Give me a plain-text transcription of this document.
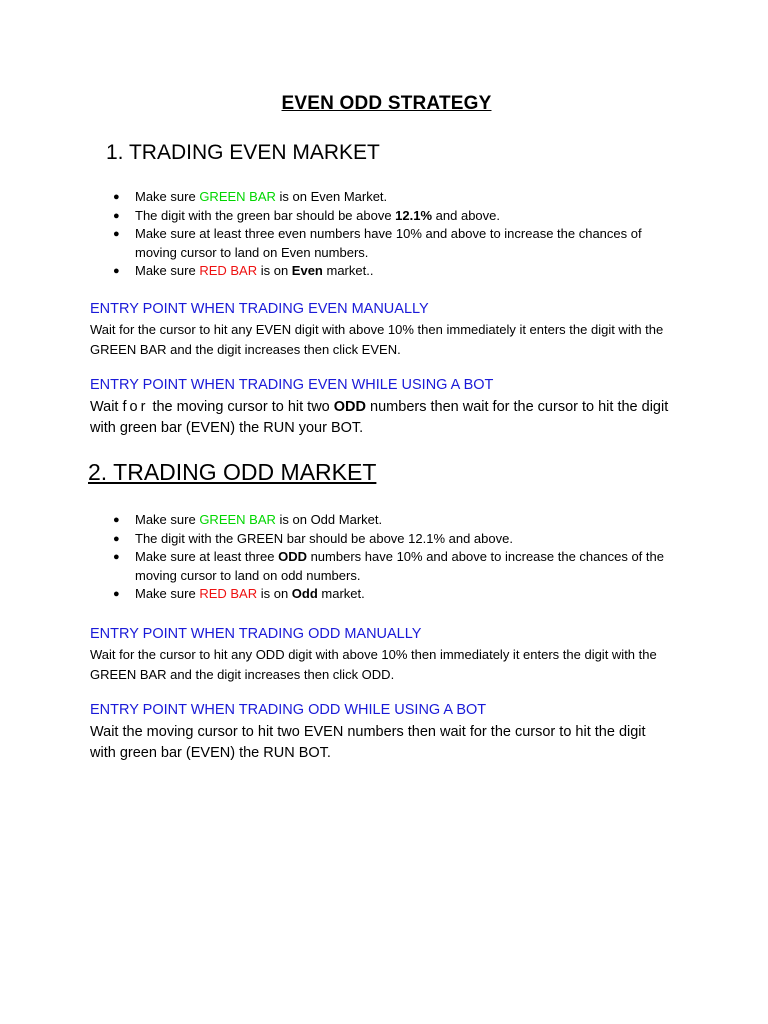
EVEN ODD STRATEGY
1. TRADING EVEN MARKET
● Make sure GREEN BAR is on Even Market.
● The digit with the green bar should be above 12.1% and above.
● Make sure at least three even numbers have 10% and above to increase the chances of moving cursor to land on Even numbers.
● Make sure RED BAR is on Even market..
ENTRY POINT WHEN TRADING EVEN MANUALLY
Wait for the cursor to hit any EVEN digit with above 10% then immediately it enters the digit with the GREEN BAR and the digit increases then click EVEN.
ENTRY POINT WHEN TRADING EVEN WHILE USING A BOT
Wait for the moving cursor to hit two ODD numbers then wait for the cursor to hit the digit with green bar (EVEN) the RUN your BOT.
2. TRADING ODD MARKET
● Make sure GREEN BAR is on Odd Market.
● The digit with the GREEN bar should be above 12.1% and above.
● Make sure at least three ODD numbers have 10% and above to increase the chances of the moving cursor to land on odd numbers.
● Make sure RED BAR is on Odd market.
ENTRY POINT WHEN TRADING ODD MANUALLY
Wait for the cursor to hit any ODD digit with above 10% then immediately it enters the digit with the GREEN BAR and the digit increases then click ODD.
ENTRY POINT WHEN TRADING ODD WHILE USING A BOT
Wait the moving cursor to hit two EVEN numbers then wait for the cursor to hit the digit with green bar (EVEN) the RUN BOT.
